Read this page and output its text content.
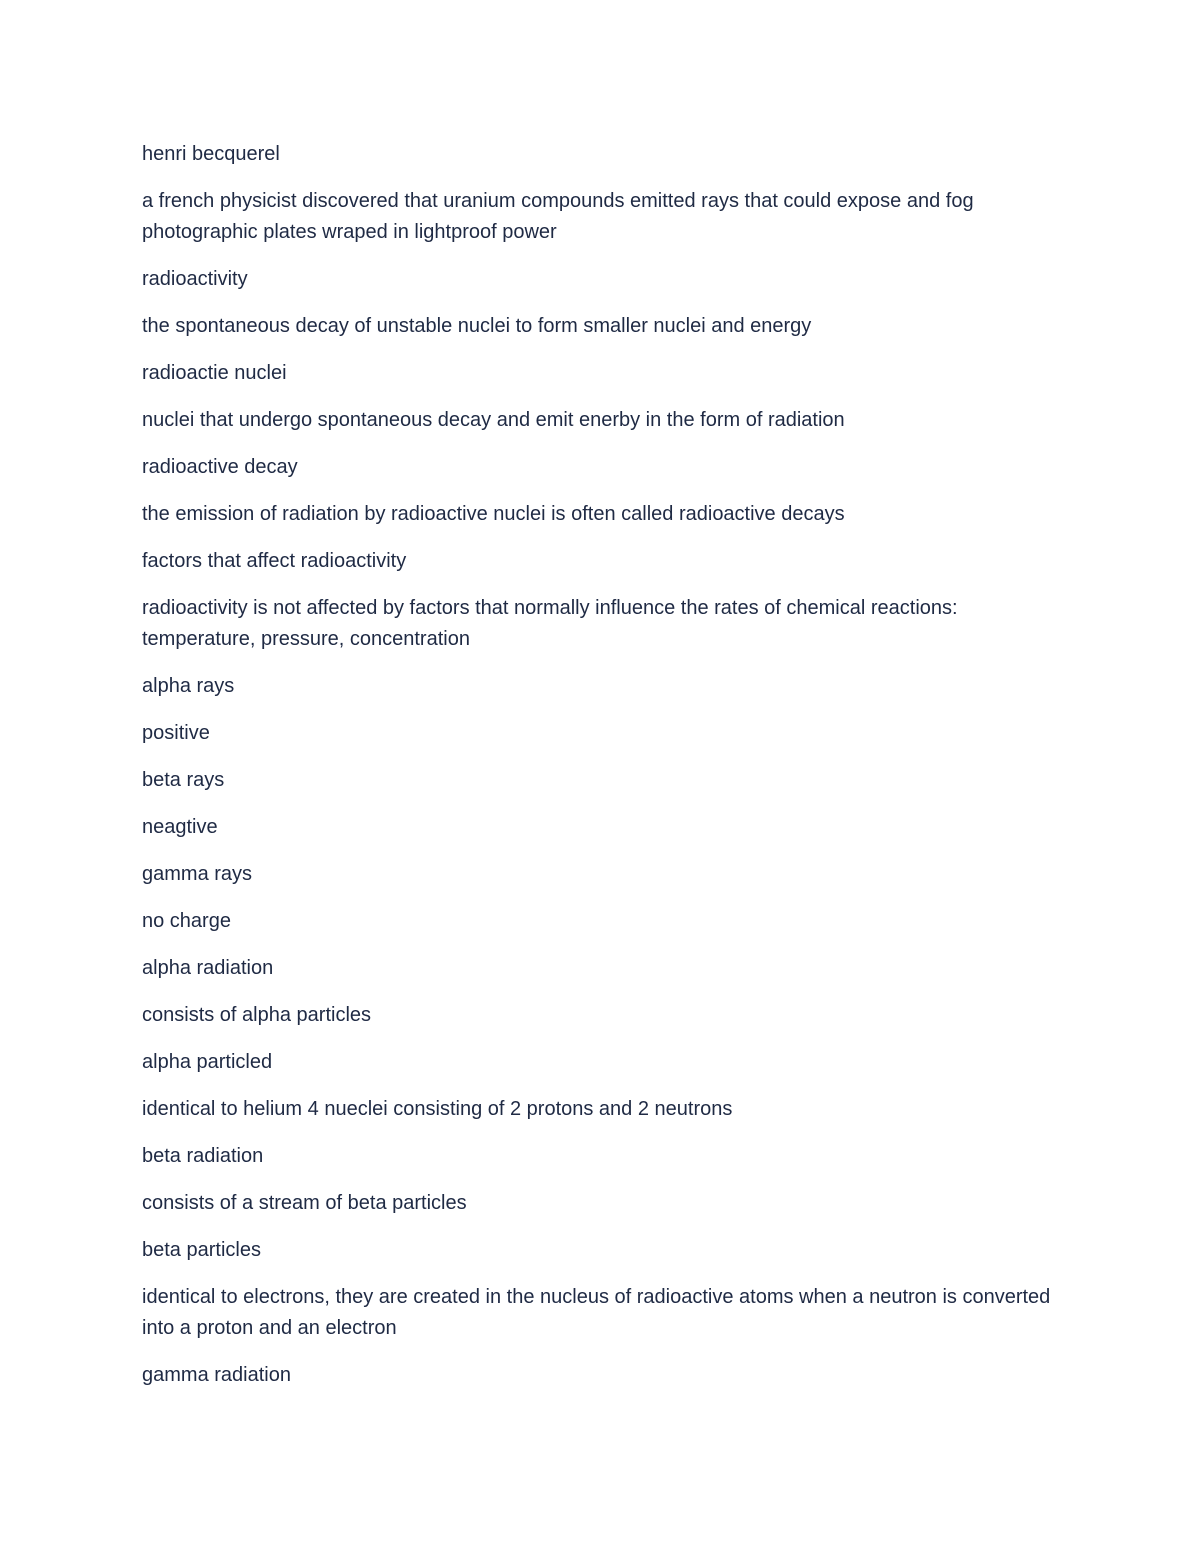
henri becquerel

a french physicist discovered that uranium compounds emitted rays that could expose and fog photographic plates wraped in lightproof power

radioactivity

the spontaneous decay of unstable nuclei to form smaller nuclei and energy

radioactie nuclei

nuclei that undergo spontaneous decay and emit enerby in the form of radiation

radioactive decay

the emission of radiation by radioactive nuclei is often called radioactive decays

factors that affect radioactivity

radioactivity is not affected by factors that normally influence the rates of chemical reactions: temperature, pressure, concentration

alpha rays

positive

beta rays

neagtive

gamma rays

no charge

alpha radiation

consists of alpha particles

alpha particled

identical to helium 4 nueclei consisting of 2 protons and 2 neutrons

beta radiation

consists of a stream of beta particles

beta particles

identical to electrons, they are created in the nucleus of radioactive atoms when a neutron is converted into a proton and an electron

gamma radiation
